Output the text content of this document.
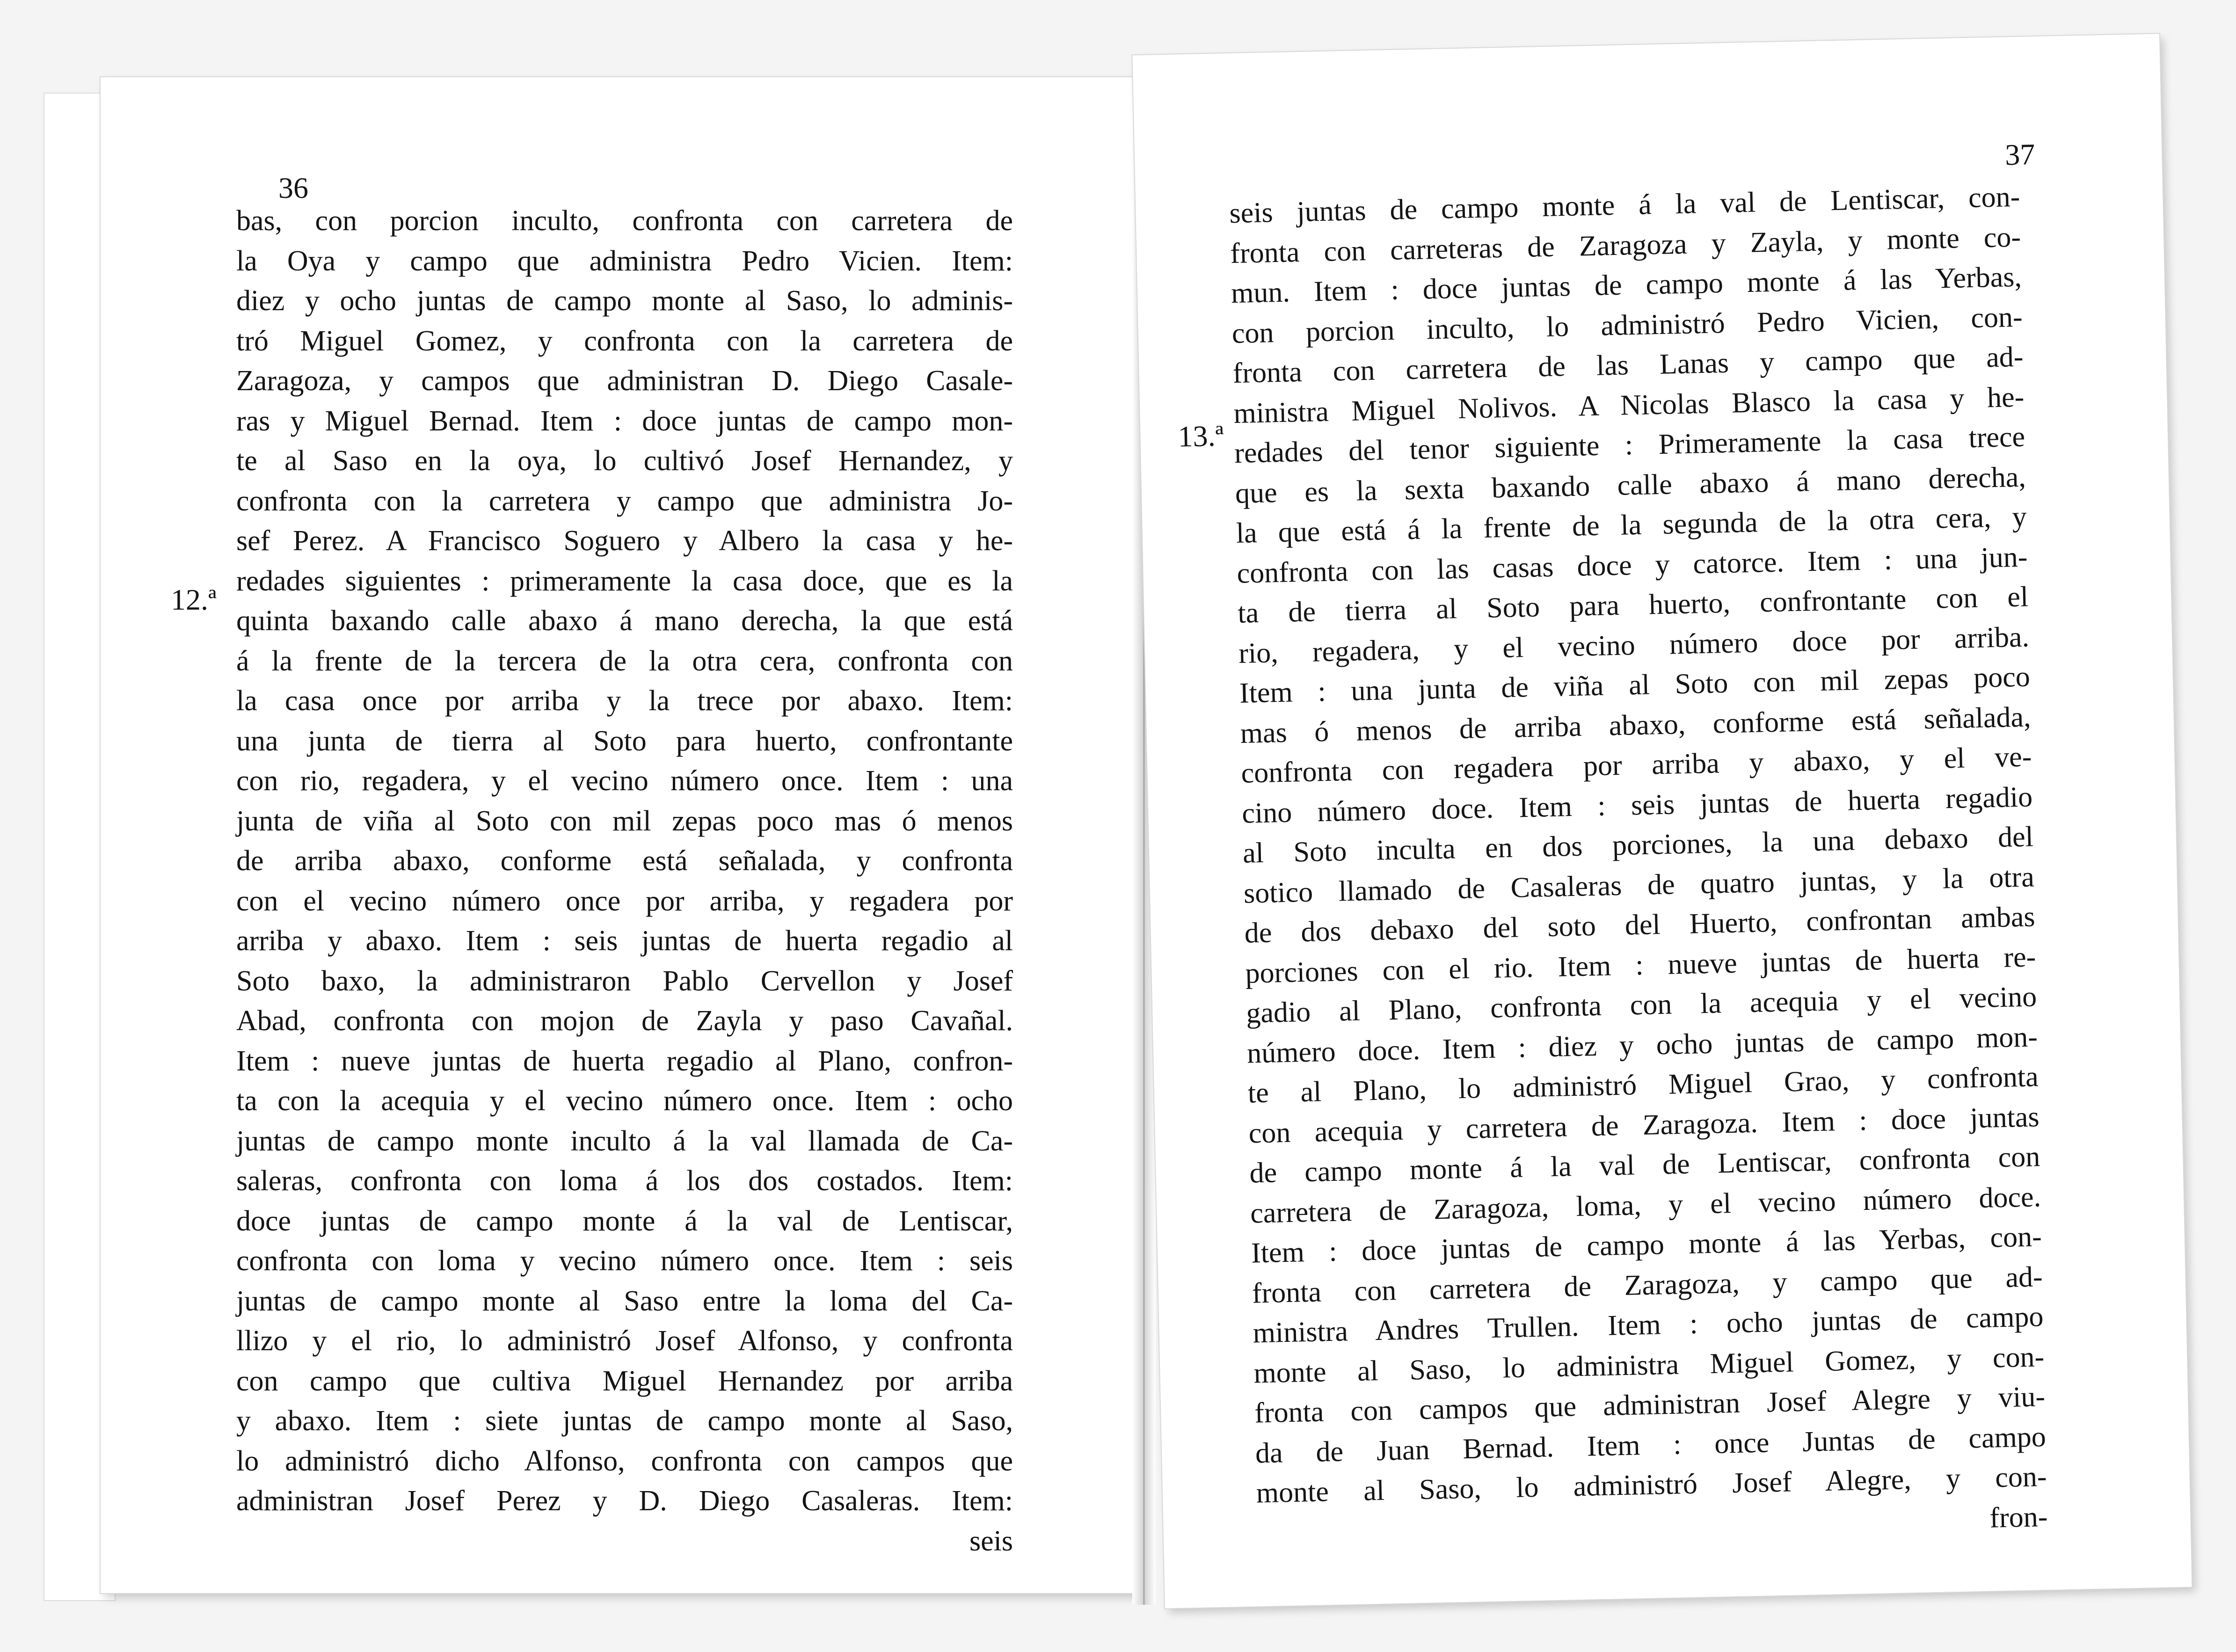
36
12.ª
bas, con porcion inculto, confronta con carretera de
la Oya y campo que administra Pedro Vicien. Item:
diez y ocho juntas de campo monte al Saso, lo adminis-
tró Miguel Gomez, y confronta con la carretera de
Zaragoza, y campos que administran D. Diego Casale-
ras y Miguel Bernad. Item : doce juntas de campo mon-
te al Saso en la oya, lo cultivó Josef Hernandez, y
confronta con la carretera y campo que administra Jo-
sef Perez. A Francisco Soguero y Albero la casa y he-
redades siguientes : primeramente la casa doce, que es la
quinta baxando calle abaxo á mano derecha, la que está
á la frente de la tercera de la otra cera, confronta con
la casa once por arriba y la trece por abaxo. Item:
una junta de tierra al Soto para huerto, confrontante
con rio, regadera, y el vecino número once. Item : una
junta de viña al Soto con mil zepas poco mas ó menos
de arriba abaxo, conforme está señalada, y confronta
con el vecino número once por arriba, y regadera por
arriba y abaxo. Item : seis juntas de huerta regadio al
Soto baxo, la administraron Pablo Cervellon y Josef
Abad, confronta con mojon de Zayla y paso Cavañal.
Item : nueve juntas de huerta regadio al Plano, confron-
ta con la acequia y el vecino número once. Item : ocho
juntas de campo monte inculto á la val llamada de Ca-
saleras, confronta con loma á los dos costados. Item:
doce juntas de campo monte á la val de Lentiscar,
confronta con loma y vecino número once. Item : seis
juntas de campo monte al Saso entre la loma del Ca-
llizo y el rio, lo administró Josef Alfonso, y confronta
con campo que cultiva Miguel Hernandez por arriba
y abaxo. Item : siete juntas de campo monte al Saso,
lo administró dicho Alfonso, confronta con campos que
administran Josef Perez y D. Diego Casaleras. Item:
seis
37
13.ª
seis juntas de campo monte á la val de Lentiscar, con-
fronta con carreteras de Zaragoza y Zayla, y monte co-
mun. Item : doce juntas de campo monte á las Yerbas,
con porcion inculto, lo administró Pedro Vicien, con-
fronta con carretera de las Lanas y campo que ad-
ministra Miguel Nolivos. A Nicolas Blasco la casa y he-
redades del tenor siguiente : Primeramente la casa trece
que es la sexta baxando calle abaxo á mano derecha,
la que está á la frente de la segunda de la otra cera, y
confronta con las casas doce y catorce. Item : una jun-
ta de tierra al Soto para huerto, confrontante con el
rio, regadera, y el vecino número doce por arriba.
Item : una junta de viña al Soto con mil zepas poco
mas ó menos de arriba abaxo, conforme está señalada,
confronta con regadera por arriba y abaxo, y el ve-
cino número doce. Item : seis juntas de huerta regadio
al Soto inculta en dos porciones, la una debaxo del
sotico llamado de Casaleras de quatro juntas, y la otra
de dos debaxo del soto del Huerto, confrontan ambas
porciones con el rio. Item : nueve juntas de huerta re-
gadio al Plano, confronta con la acequia y el vecino
número doce. Item : diez y ocho juntas de campo mon-
te al Plano, lo administró Miguel Grao, y confronta
con acequia y carretera de Zaragoza. Item : doce juntas
de campo monte á la val de Lentiscar, confronta con
carretera de Zaragoza, loma, y el vecino número doce.
Item : doce juntas de campo monte á las Yerbas, con-
fronta con carretera de Zaragoza, y campo que ad-
ministra Andres Trullen. Item : ocho juntas de campo
monte al Saso, lo administra Miguel Gomez, y con-
fronta con campos que administran Josef Alegre y viu-
da de Juan Bernad. Item : once Juntas de campo
monte al Saso, lo administró Josef Alegre, y con-
fron-
